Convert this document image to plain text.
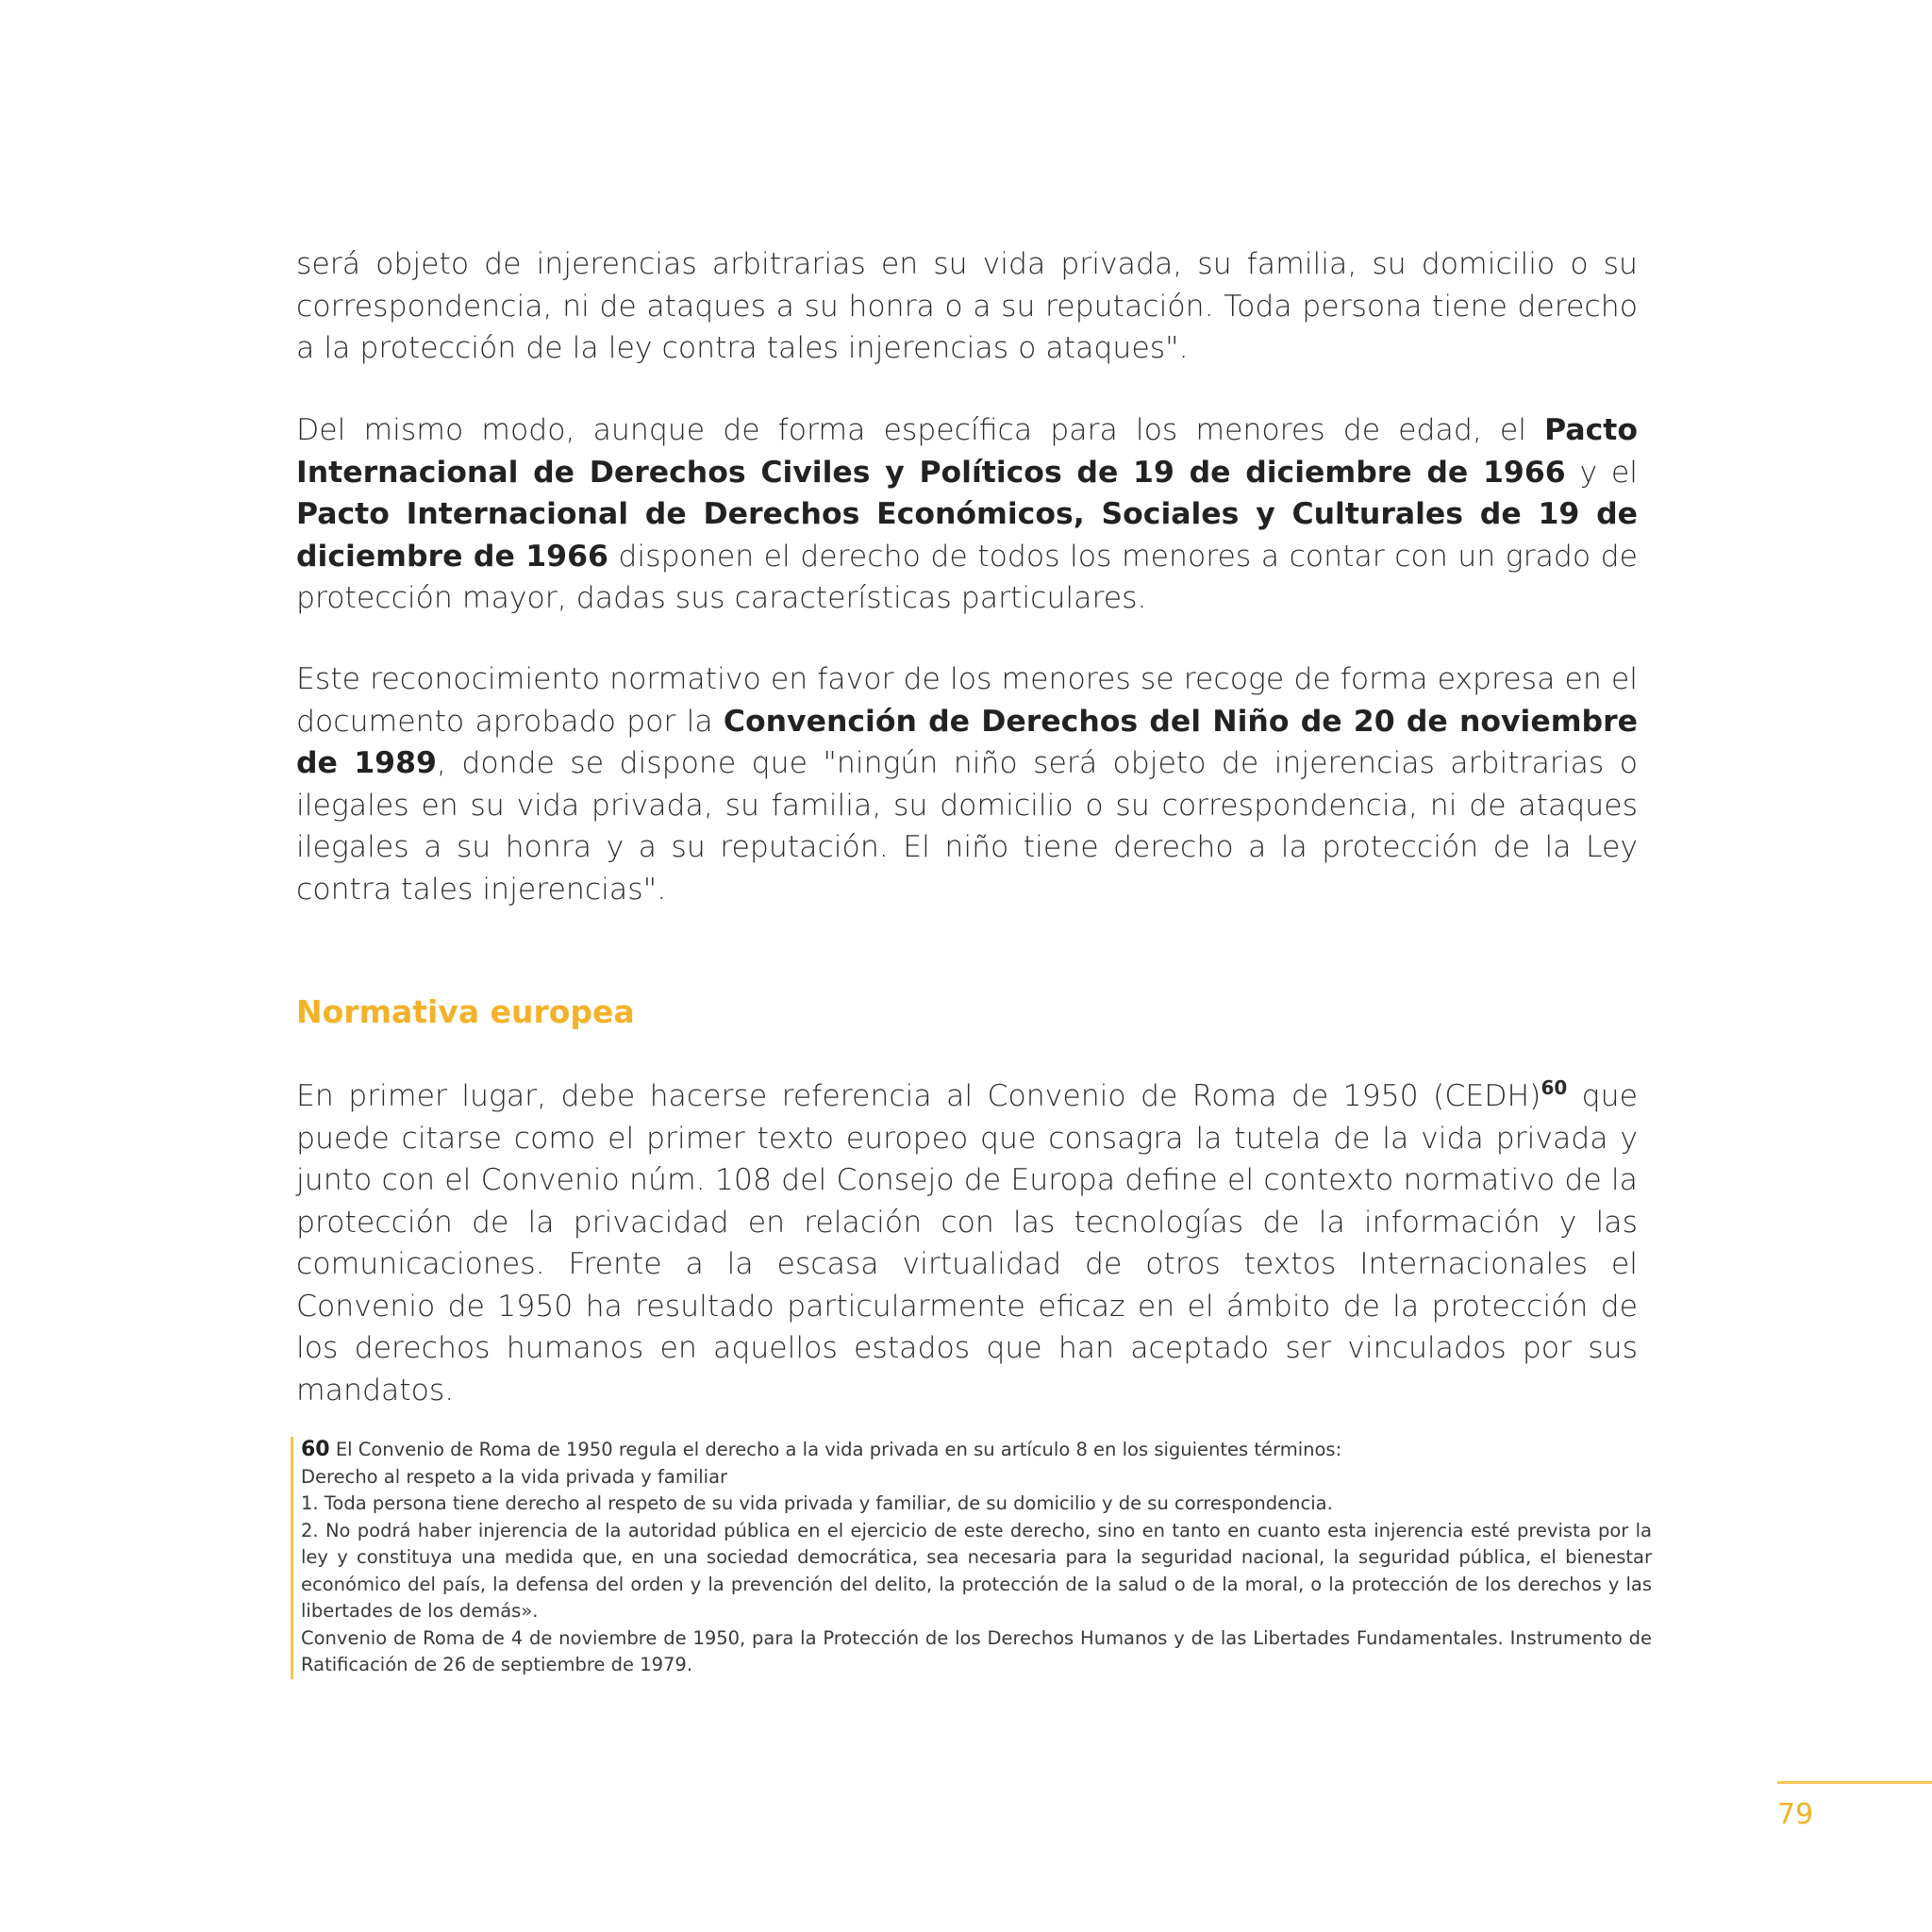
será objeto de injerencias arbitrarias en su vida privada, su familia, su domicilio o su correspondencia, ni de ataques a su honra o a su reputación. Toda persona tiene derecho a la protección de la ley contra tales injerencias o ataques".

Del mismo modo, aunque de forma específica para los menores de edad, el Pacto Internacional de Derechos Civiles y Políticos de 19 de diciembre de 1966 y el Pacto Internacional de Derechos Económicos, Sociales y Culturales de 19 de diciembre de 1966 disponen el derecho de todos los menores a contar con un grado de protección mayor, dadas sus características particulares.

Este reconocimiento normativo en favor de los menores se recoge de forma expresa en el documento aprobado por la Convención de Derechos del Niño de 20 de noviembre de 1989, donde se dispone que "ningún niño será objeto de injerencias arbitrarias o ilegales en su vida privada, su familia, su domicilio o su correspondencia, ni de ataques ilegales a su honra y a su reputación. El niño tiene derecho a la protección de la Ley contra tales injerencias".

Normativa europea

En primer lugar, debe hacerse referencia al Convenio de Roma de 1950 (CEDH)$^{60}$ que puede citarse como el primer texto europeo que consagra la tutela de la vida privada y junto con el Convenio núm. 108 del Consejo de Europa define el contexto normativo de la protección de la privacidad en relación con las tecnologías de la información y las comunicaciones. Frente a la escasa virtualidad de otros textos Internacionales el Convenio de 1950 ha resultado particularmente eficaz en el ámbito de la protección de los derechos humanos en aquellos estados que han aceptado ser vinculados por sus mandatos.

60 El Convenio de Roma de 1950 regula el derecho a la vida privada en su artículo 8 en los siguientes términos:

Derecho al respeto a la vida privada y familiar

1. Toda persona tiene derecho al respeto de su vida privada y familiar, de su domicilio y de su correspondencia.

2. No podrá haber injerencia de la autoridad pública en el ejercicio de este derecho, sino en tanto en cuanto esta injerencia esté prevista por la ley y constituya una medida que, en una sociedad democrática, sea necesaria para la seguridad nacional, la seguridad pública, el bienestar económico del país, la defensa del orden y la prevención del delito, la protección de la salud o de la moral, o la protección de los derechos y las libertades de los demás».

Convenio de Roma de 4 de noviembre de 1950, para la Protección de los Derechos Humanos y de las Libertades Fundamentales. Instrumento de Ratificación de 26 de septiembre de 1979.

79
